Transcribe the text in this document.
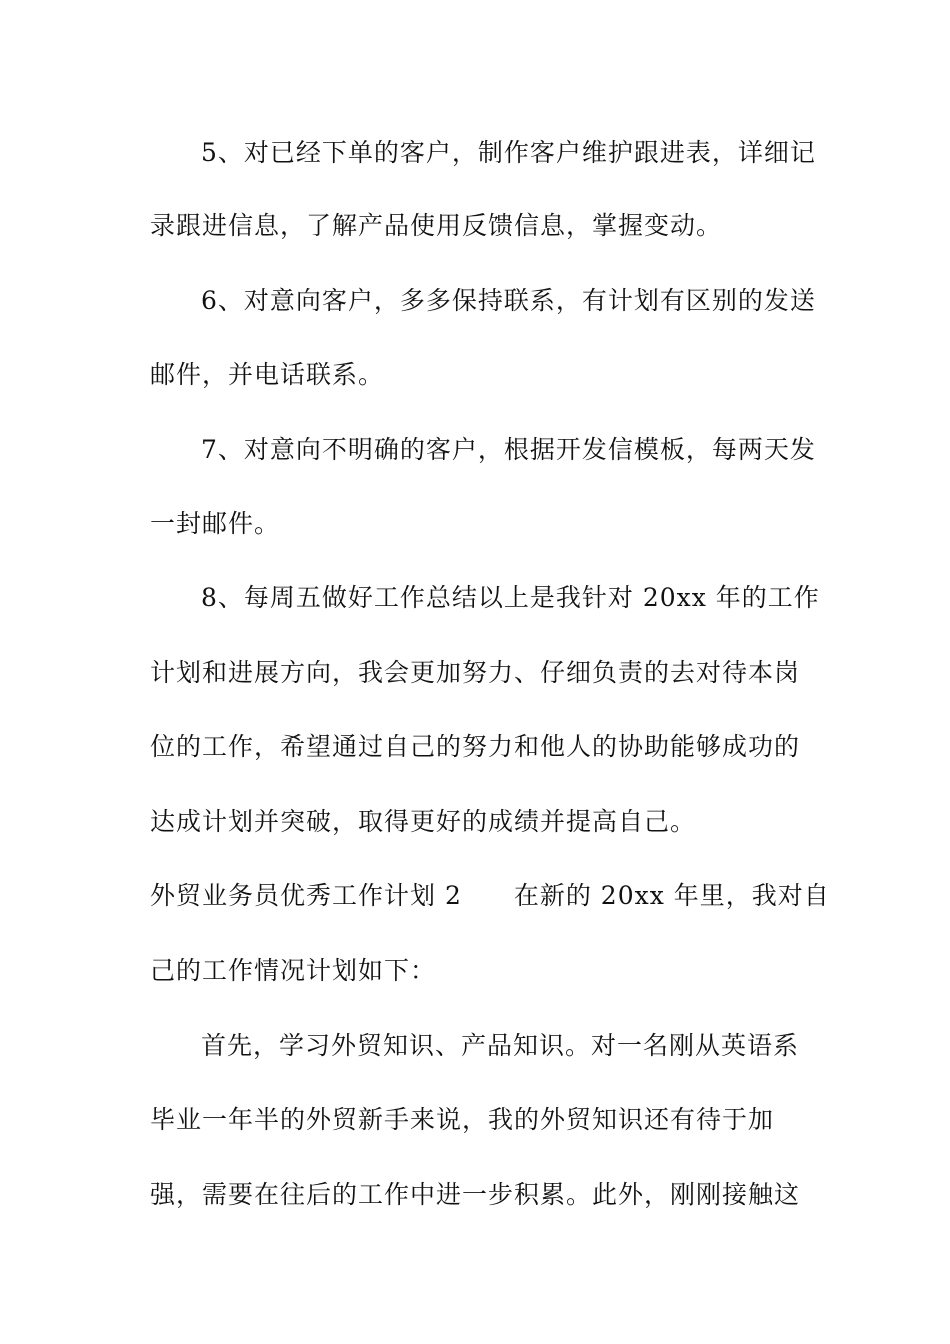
5、对已经下单的客户，制作客户维护跟进表，详细记

录跟进信息，了解产品使用反馈信息，掌握变动。

6、对意向客户，多多保持联系，有计划有区别的发送

邮件，并电话联系。

7、对意向不明确的客户，根据开发信模板，每两天发

一封邮件。

8、每周五做好工作总结以上是我针对 20xx 年的工作

计划和进展方向，我会更加努力、仔细负责的去对待本岗

位的工作，希望通过自己的努力和他人的协助能够成功的

达成计划并突破，取得更好的成绩并提高自己。

外贸业务员优秀工作计划 2　　在新的 20xx 年里，我对自

己的工作情况计划如下：

首先，学习外贸知识、产品知识。对一名刚从英语系

毕业一年半的外贸新手来说，我的外贸知识还有待于加

强，需要在往后的工作中进一步积累。此外，刚刚接触这
